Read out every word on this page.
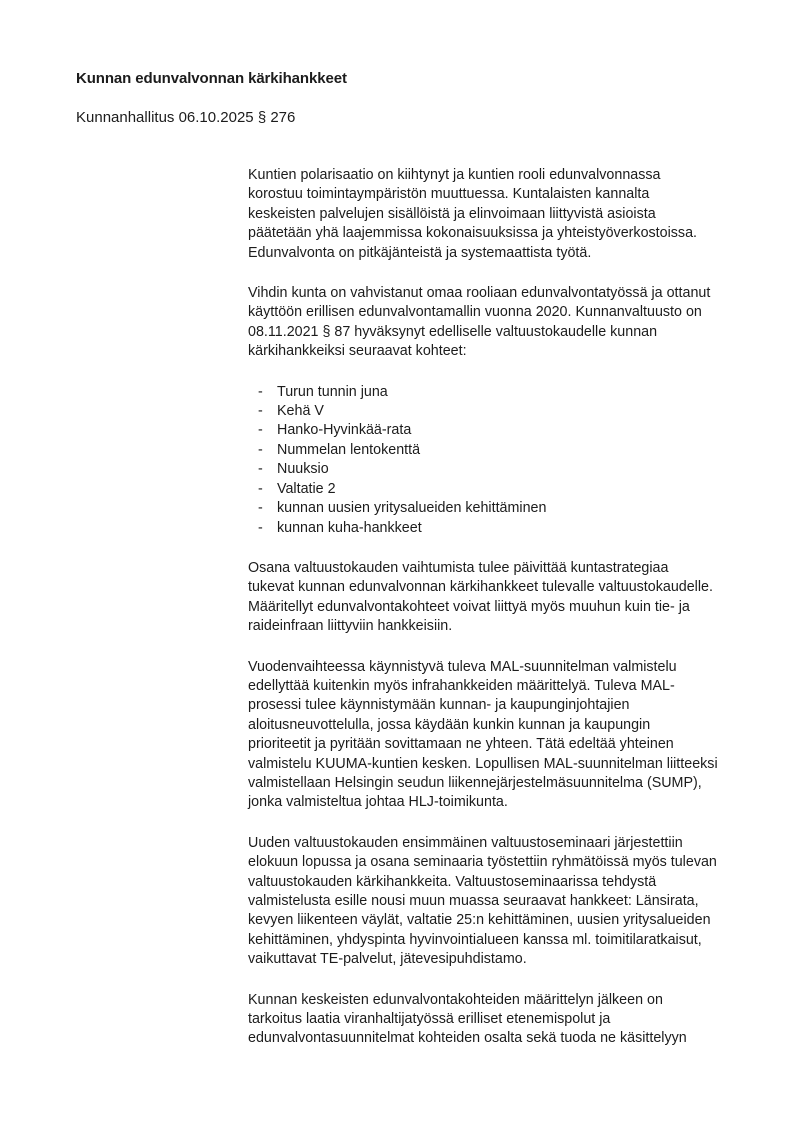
Kunnan edunvalvonnan kärkihankkeet
Kunnanhallitus 06.10.2025 § 276
Kuntien polarisaatio on kiihtynyt ja kuntien rooli edunvalvonnassa
korostuu toimintaympäristön muuttuessa. Kuntalaisten kannalta
keskeisten palvelujen sisällöistä ja elinvoimaan liittyvistä asioista
päätetään yhä laajemmissa kokonaisuuksissa ja yhteistyöverkostoissa.
Edunvalvonta on pitkäjänteistä ja systemaattista työtä.
Vihdin kunta on vahvistanut omaa rooliaan edunvalvontatyössä ja ottanut
käyttöön erillisen edunvalvontamallin vuonna 2020. Kunnanvaltuusto on
08.11.2021 § 87 hyväksynyt edelliselle valtuustokaudelle kunnan
kärkihankkeiksi seuraavat kohteet:
- Turun tunnin juna
- Kehä V
- Hanko-Hyvinkää-rata
- Nummelan lentokenttä
- Nuuksio
- Valtatie 2
- kunnan uusien yritysalueiden kehittäminen
- kunnan kuha-hankkeet
Osana valtuustokauden vaihtumista tulee päivittää kuntastrategiaa
tukevat kunnan edunvalvonnan kärkihankkeet tulevalle valtuustokaudelle.
Määritellyt edunvalvontakohteet voivat liittyä myös muuhun kuin tie- ja
raideinfraan liittyviin hankkeisiin.
Vuodenvaihteessa käynnistyvä tuleva MAL-suunnitelman valmistelu
edellyttää kuitenkin myös infrahankkeiden määrittelyä. Tuleva MAL-
prosessi tulee käynnistymään kunnan- ja kaupunginjohtajien
aloitusneuvottelulla, jossa käydään kunkin kunnan ja kaupungin
prioriteetit ja pyritään sovittamaan ne yhteen. Tätä edeltää yhteinen
valmistelu KUUMA-kuntien kesken. Lopullisen MAL-suunnitelman liitteeksi
valmistellaan Helsingin seudun liikennejärjestelmäsuunnitelma (SUMP),
jonka valmisteltua johtaa HLJ-toimikunta.
Uuden valtuustokauden ensimmäinen valtuustoseminaari järjestettiin
elokuun lopussa ja osana seminaaria työstettiin ryhmätöissä myös tulevan
valtuustokauden kärkihankkeita. Valtuustoseminaarissa tehdystä
valmistelusta esille nousi muun muassa seuraavat hankkeet: Länsirata,
kevyen liikenteen väylät, valtatie 25:n kehittäminen, uusien yritysalueiden
kehittäminen, yhdyspinta hyvinvointialueen kanssa ml. toimitilaratkaisut,
vaikuttavat TE-palvelut, jätevesipuhdistamo.
Kunnan keskeisten edunvalvontakohteiden määrittelyn jälkeen on
tarkoitus laatia viranhaltijatyössä erilliset etenemispolut ja
edunvalvontasuunnitelmat kohteiden osalta sekä tuoda ne käsittelyyn
